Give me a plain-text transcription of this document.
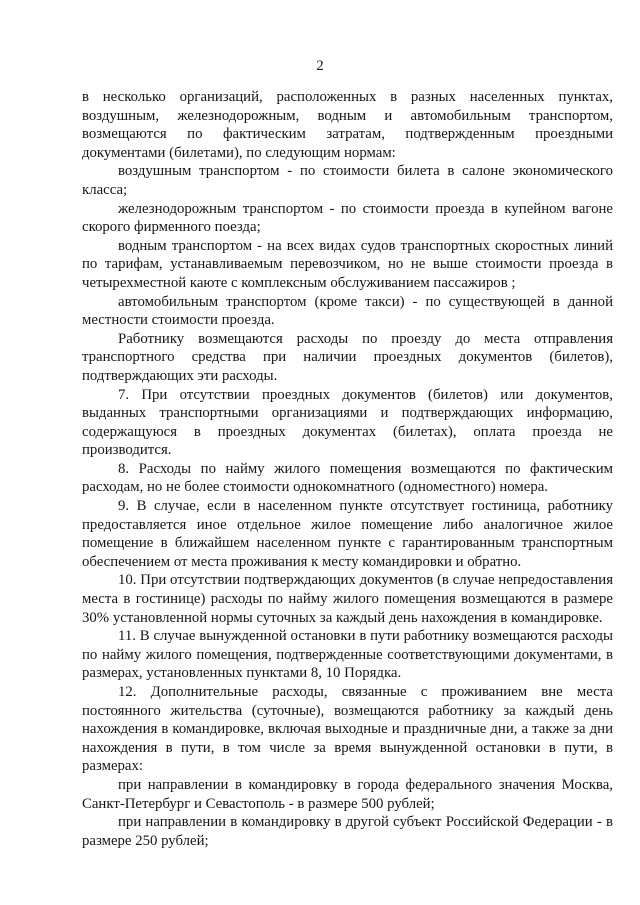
2

в несколько организаций, расположенных в разных населенных пунктах, воздушным, железнодорожным, водным и автомобильным транспортом, возмещаются по фактическим затратам, подтвержденным проездными документами (билетами), по следующим нормам:

воздушным транспортом - по стоимости билета в салоне экономического класса;

железнодорожным транспортом - по стоимости проезда в купейном вагоне скорого фирменного поезда;

водным транспортом - на всех видах судов транспортных скоростных линий по тарифам, устанавливаемым перевозчиком, но не выше стоимости проезда в четырехместной каюте с комплексным обслуживанием пассажиров ;

автомобильным транспортом (кроме такси) - по существующей в данной местности стоимости проезда.

Работнику возмещаются расходы по проезду до места отправления транспортного средства при наличии проездных документов (билетов), подтверждающих эти расходы.

7. При отсутствии проездных документов (билетов) или документов, выданных транспортными организациями и подтверждающих информацию, содержащуюся в проездных документах (билетах), оплата проезда не производится.

8. Расходы по найму жилого помещения возмещаются по фактическим расходам, но не более стоимости однокомнатного (одноместного) номера.

9. В случае, если в населенном пункте отсутствует гостиница, работнику предоставляется иное отдельное жилое помещение либо аналогичное жилое помещение в ближайшем населенном пункте с гарантированным транспортным обеспечением от места проживания к месту командировки и обратно.

10. При отсутствии подтверждающих документов (в случае непредоставления места в гостинице) расходы по найму жилого помещения возмещаются в размере 30% установленной нормы суточных за каждый день нахождения в командировке.

11. В случае вынужденной остановки в пути работнику возмещаются расходы по найму жилого помещения, подтвержденные соответствующими документами, в размерах, установленных пунктами 8, 10 Порядка.

12. Дополнительные расходы, связанные с проживанием вне места постоянного жительства (суточные), возмещаются работнику за каждый день нахождения в командировке, включая выходные и праздничные дни, а также за дни нахождения в пути, в том числе за время вынужденной остановки в пути, в размерах:

при направлении в командировку в города федерального значения Москва, Санкт-Петербург и Севастополь - в размере 500 рублей;

при направлении в командировку в другой субъект Российской Федерации - в размере 250 рублей;
